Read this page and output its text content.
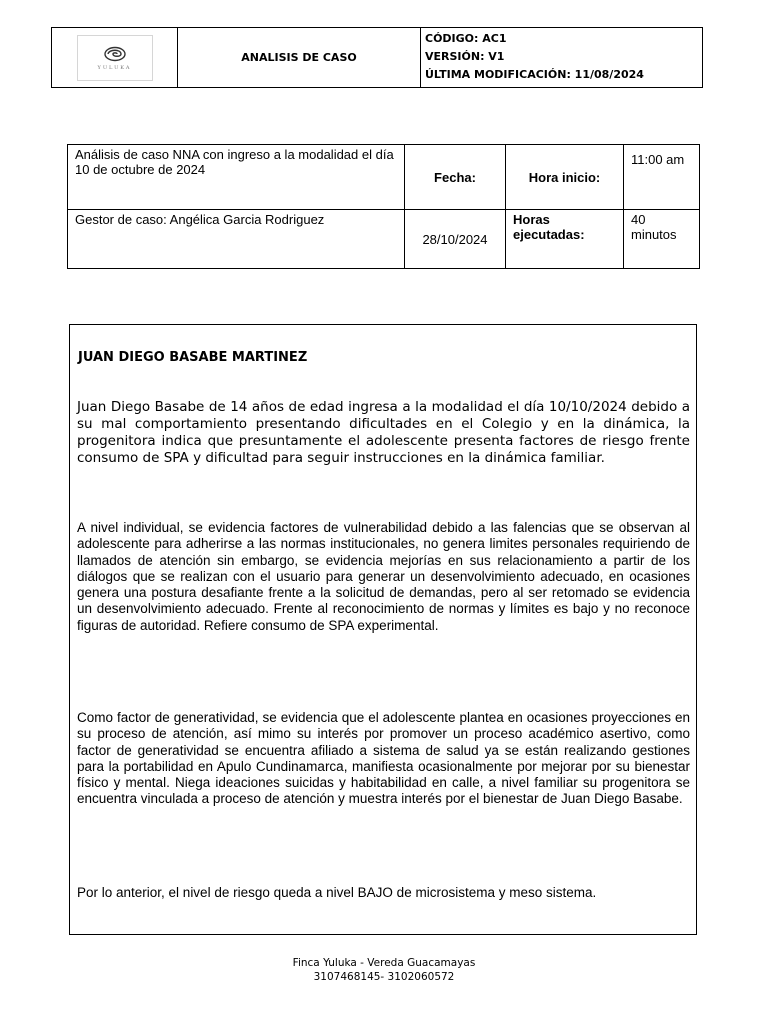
YULUKA
	ANALISIS DE CASO	
CÓDIGO: AC1
VERSIÓN: V1
ÚLTIMA MODIFICACIÓN: 11/08/2024
Análisis de caso NNA con ingreso a la modalidad el día 10 de octubre de 2024	Fecha:	Hora inicio:	11:00 am
Gestor de caso: Angélica Garcia Rodriguez	28/10/2024	Horas ejecutadas:	40 minutos

JUAN DIEGO BASABE MARTINEZ

Juan Diego Basabe de 14 años de edad ingresa a la modalidad el día 10/10/2024 debido a su mal comportamiento presentando dificultades en el Colegio y en la dinámica, la progenitora indica que presuntamente el adolescente presenta factores de riesgo frente consumo de SPA y dificultad para seguir instrucciones en la dinámica familiar.

A nivel individual, se evidencia factores de vulnerabilidad debido a las falencias que se observan al adolescente para adherirse a las normas institucionales, no genera limites personales requiriendo de llamados de atención sin embargo, se evidencia mejorías en sus relacionamiento a partir de los diálogos que se realizan con el usuario para generar un desenvolvimiento adecuado, en ocasiones genera una postura desafiante frente a la solicitud de demandas, pero al ser retomado se evidencia un desenvolvimiento adecuado. Frente al reconocimiento de normas y límites es bajo y no reconoce figuras de autoridad. Refiere consumo de SPA experimental.

Como factor de generatividad, se evidencia que el adolescente plantea en ocasiones proyecciones en su proceso de atención, así mimo su interés por promover un proceso académico asertivo, como factor de generatividad se encuentra afiliado a sistema de salud ya se están realizando gestiones para la portabilidad en Apulo Cundinamarca, manifiesta ocasionalmente por mejorar por su bienestar físico y mental. Niega ideaciones suicidas y habitabilidad en calle, a nivel familiar su progenitora se encuentra vinculada a proceso de atención y muestra interés por el bienestar de Juan Diego Basabe.

Por lo anterior, el nivel de riesgo queda a nivel BAJO de microsistema y meso sistema.

Finca Yuluka - Vereda Guacamayas
3107468145- 3102060572
